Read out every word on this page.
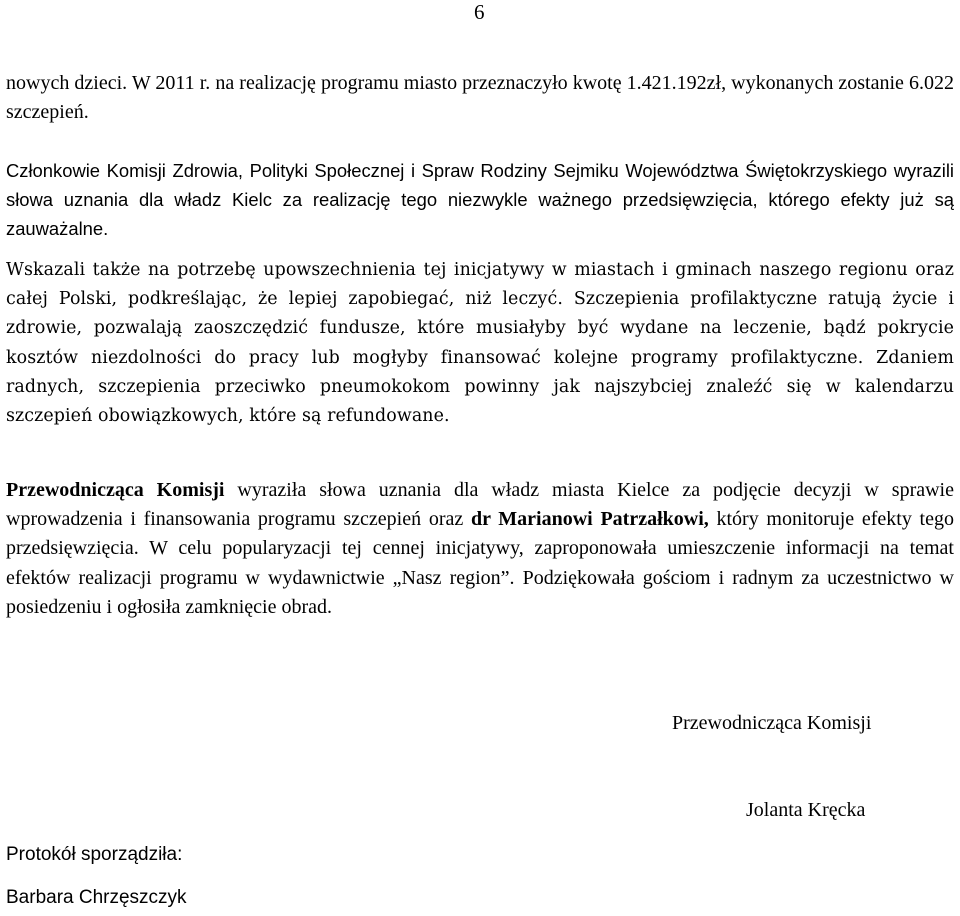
6

nowych dzieci. W 2011 r. na realizację programu miasto przeznaczyło kwotę 1.421.192zł, wykonanych zostanie 6.022 szczepień.

Członkowie Komisji Zdrowia, Polityki Społecznej i Spraw Rodziny Sejmiku Województwa Świętokrzyskiego wyrazili słowa uznania dla władz Kielc za realizację tego niezwykle ważnego przedsięwzięcia, którego efekty już są zauważalne.

Wskazali także na potrzebę upowszechnienia tej inicjatywy w miastach i gminach naszego regionu oraz całej Polski, podkreślając, że lepiej zapobiegać, niż leczyć. Szczepienia profilaktyczne ratują życie i zdrowie, pozwalają zaoszczędzić fundusze, które musiałyby być wydane na leczenie, bądź pokrycie kosztów niezdolności do pracy lub mogłyby finansować kolejne programy profilaktyczne. Zdaniem radnych, szczepienia przeciwko pneumokokom powinny jak najszybciej znaleźć się w kalendarzu szczepień obowiązkowych, które są refundowane.

Przewodnicząca Komisji wyraziła słowa uznania dla władz miasta Kielce za podjęcie decyzji w sprawie wprowadzenia i finansowania programu szczepień oraz dr Marianowi Patrzałkowi, który monitoruje efekty tego przedsięwzięcia. W celu popularyzacji tej cennej inicjatywy, zaproponowała umieszczenie informacji na temat efektów realizacji programu w wydawnictwie „Nasz region”. Podziękowała gościom i radnym za uczestnictwo w posiedzeniu i ogłosiła zamknięcie obrad.

Przewodnicząca Komisji
Jolanta Kręcka
Protokół sporządziła:
Barbara Chrzęszczyk
